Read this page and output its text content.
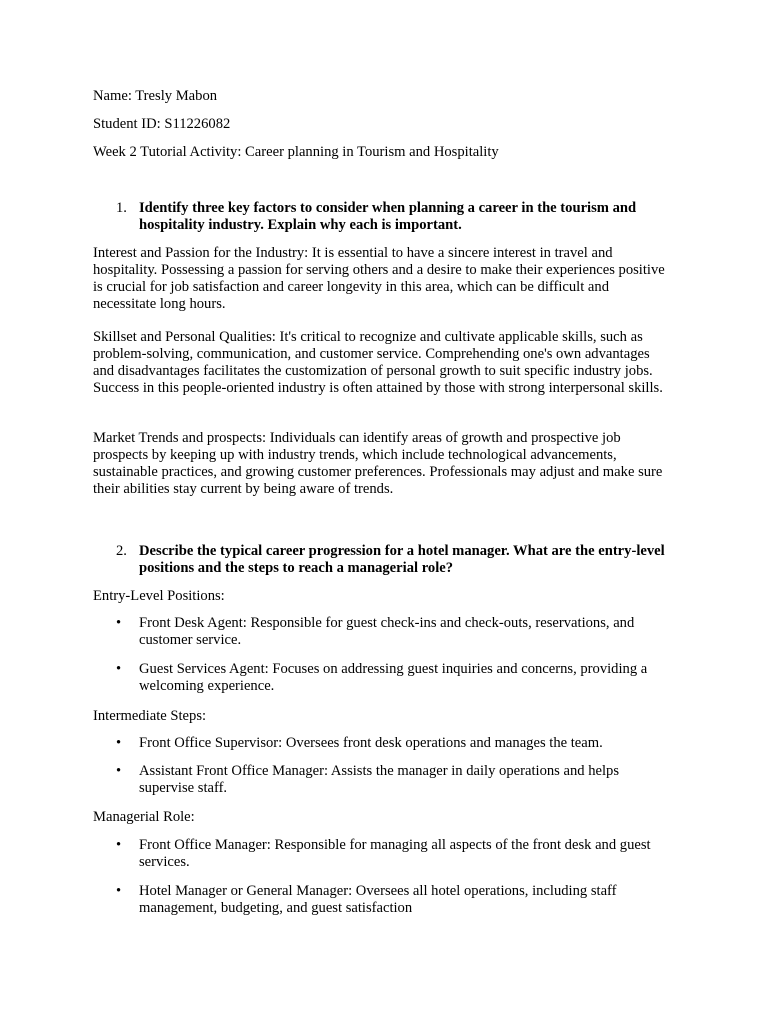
Name: Tresly Mabon

Student ID: S11226082

Week 2 Tutorial Activity: Career planning in Tourism and Hospitality

1. Identify three key factors to consider when planning a career in the tourism and hospitality industry. Explain why each is important.

Interest and Passion for the Industry: It is essential to have a sincere interest in travel and hospitality. Possessing a passion for serving others and a desire to make their experiences positive is crucial for job satisfaction and career longevity in this area, which can be difficult and necessitate long hours.

Skillset and Personal Qualities: It's critical to recognize and cultivate applicable skills, such as problem-solving, communication, and customer service. Comprehending one's own advantages and disadvantages facilitates the customization of personal growth to suit specific industry jobs. Success in this people-oriented industry is often attained by those with strong interpersonal skills.

Market Trends and prospects: Individuals can identify areas of growth and prospective job prospects by keeping up with industry trends, which include technological advancements, sustainable practices, and growing customer preferences. Professionals may adjust and make sure their abilities stay current by being aware of trends.

2. Describe the typical career progression for a hotel manager. What are the entry-level positions and the steps to reach a managerial role?

Entry-Level Positions:

• Front Desk Agent: Responsible for guest check-ins and check-outs, reservations, and customer service.

• Guest Services Agent: Focuses on addressing guest inquiries and concerns, providing a welcoming experience.

Intermediate Steps:

• Front Office Supervisor: Oversees front desk operations and manages the team.

• Assistant Front Office Manager: Assists the manager in daily operations and helps supervise staff.

Managerial Role:

• Front Office Manager: Responsible for managing all aspects of the front desk and guest services.

• Hotel Manager or General Manager: Oversees all hotel operations, including staff management, budgeting, and guest satisfaction
